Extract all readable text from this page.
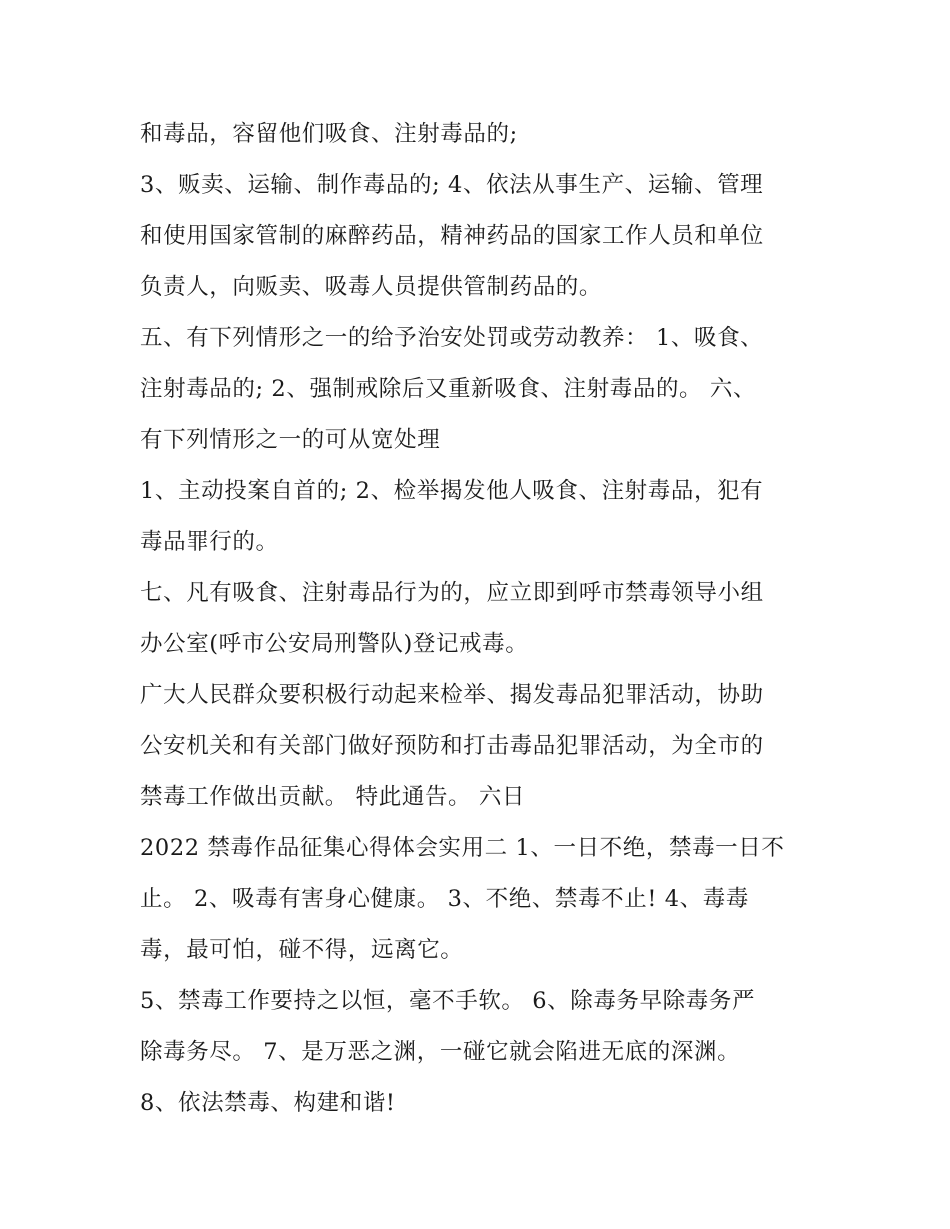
和毒品，容留他们吸食、注射毒品的;

3、贩卖、运输、制作毒品的; 4、依法从事生产、运输、管理

和使用国家管制的麻醉药品，精神药品的国家工作人员和单位

负责人，向贩卖、吸毒人员提供管制药品的。

五、有下列情形之一的给予治安处罚或劳动教养： 1、吸食、

注射毒品的; 2、强制戒除后又重新吸食、注射毒品的。 六、

有下列情形之一的可从宽处理

1、主动投案自首的; 2、检举揭发他人吸食、注射毒品，犯有

毒品罪行的。

七、凡有吸食、注射毒品行为的，应立即到呼市禁毒领导小组

办公室(呼市公安局刑警队)登记戒毒。

广大人民群众要积极行动起来检举、揭发毒品犯罪活动，协助

公安机关和有关部门做好预防和打击毒品犯罪活动，为全市的

禁毒工作做出贡献。 特此通告。 六日

2022 禁毒作品征集心得体会实用二 1、一日不绝，禁毒一日不

止。 2、吸毒有害身心健康。 3、不绝、禁毒不止! 4、毒毒

毒，最可怕，碰不得，远离它。

5、禁毒工作要持之以恒，毫不手软。 6、除毒务早除毒务严

除毒务尽。 7、是万恶之渊，一碰它就会陷进无底的深渊。

8、依法禁毒、构建和谐!
